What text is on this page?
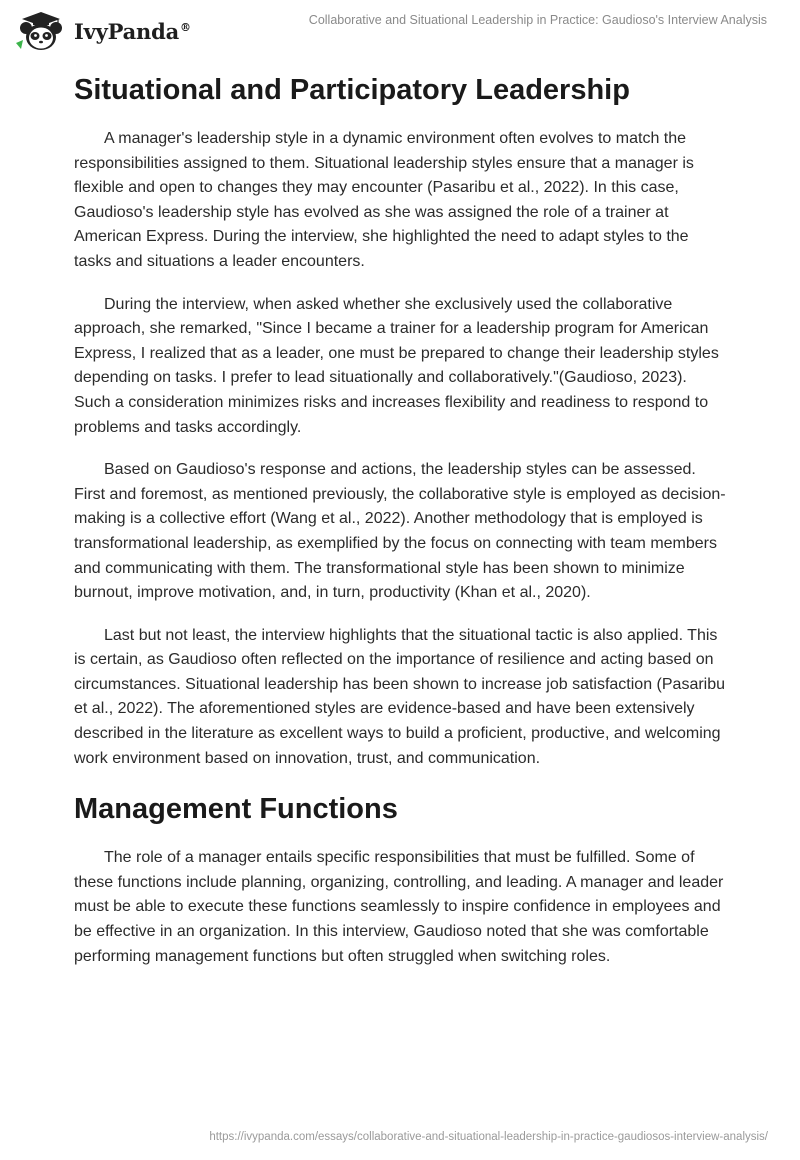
IvyPanda®	Collaborative and Situational Leadership in Practice: Gaudioso's Interview Analysis
Situational and Participatory Leadership

A manager's leadership style in a dynamic environment often evolves to match the responsibilities assigned to them. Situational leadership styles ensure that a manager is flexible and open to changes they may encounter (Pasaribu et al., 2022). In this case, Gaudioso's leadership style has evolved as she was assigned the role of a trainer at American Express. During the interview, she highlighted the need to adapt styles to the tasks and situations a leader encounters.

During the interview, when asked whether she exclusively used the collaborative approach, she remarked, "Since I became a trainer for a leadership program for American Express, I realized that as a leader, one must be prepared to change their leadership styles depending on tasks. I prefer to lead situationally and collaboratively."(Gaudioso, 2023). Such a consideration minimizes risks and increases flexibility and readiness to respond to problems and tasks accordingly.

Based on Gaudioso's response and actions, the leadership styles can be assessed. First and foremost, as mentioned previously, the collaborative style is employed as decision-making is a collective effort (Wang et al., 2022). Another methodology that is employed is transformational leadership, as exemplified by the focus on connecting with team members and communicating with them. The transformational style has been shown to minimize burnout, improve motivation, and, in turn, productivity (Khan et al., 2020).

Last but not least, the interview highlights that the situational tactic is also applied. This is certain, as Gaudioso often reflected on the importance of resilience and acting based on circumstances. Situational leadership has been shown to increase job satisfaction (Pasaribu et al., 2022). The aforementioned styles are evidence-based and have been extensively described in the literature as excellent ways to build a proficient, productive, and welcoming work environment based on innovation, trust, and communication.

Management Functions

The role of a manager entails specific responsibilities that must be fulfilled. Some of these functions include planning, organizing, controlling, and leading. A manager and leader must be able to execute these functions seamlessly to inspire confidence in employees and be effective in an organization. In this interview, Gaudioso noted that she was comfortable performing management functions but often struggled when switching roles.

https://ivypanda.com/essays/collaborative-and-situational-leadership-in-practice-gaudiosos-interview-analysis/
